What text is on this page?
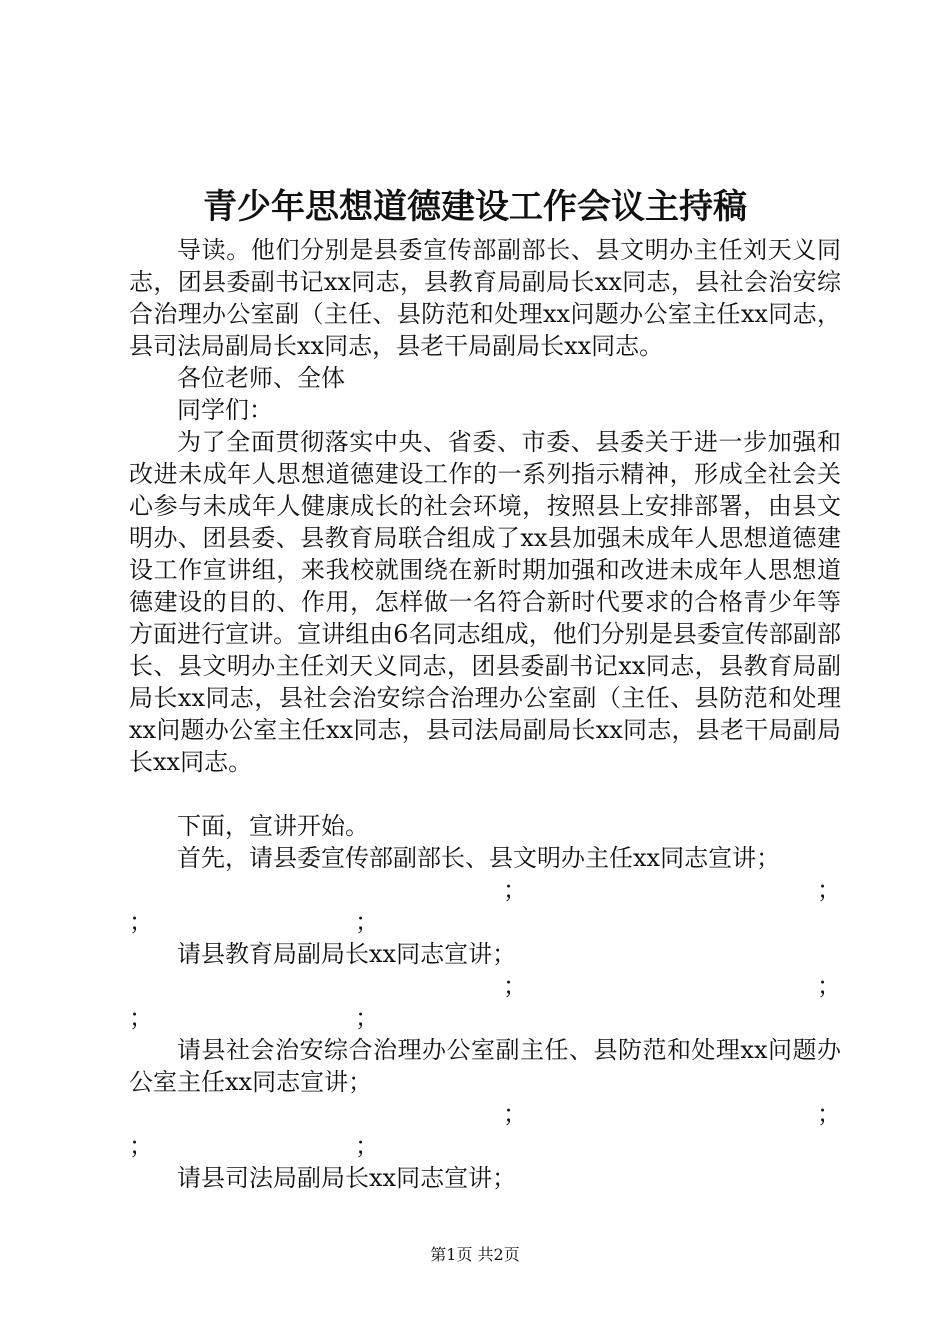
青少年思想道德建设工作会议主持稿

导读。他们分别是县委宣传部副部长、县文明办主任刘天义同志，团县委副书记xx同志，县教育局副局长xx同志，县社会治安综合治理办公室副（主任、县防范和处理xx问题办公室主任xx同志，县司法局副局长xx同志，县老干局副局长xx同志。

各位老师、全体

同学们：

为了全面贯彻落实中央、省委、市委、县委关于进一步加强和改进未成年人思想道德建设工作的一系列指示精神，形成全社会关心参与未成年人健康成长的社会环境，按照县上安排部署，由县文明办、团县委、县教育局联合组成了xx县加强未成年人思想道德建设工作宣讲组，来我校就围绕在新时期加强和改进未成年人思想道德建设的目的、作用，怎样做一名符合新时代要求的合格青少年等方面进行宣讲。宣讲组由6名同志组成，他们分别是县委宣传部副部长、县文明办主任刘天义同志，团县委副书记xx同志，县教育局副局长xx同志，县社会治安综合治理办公室副（主任、县防范和处理xx问题办公室主任xx同志，县司法局副局长xx同志，县老干局副局长xx同志。

下面，宣讲开始。

首先，请县委宣传部副部长、县文明办主任xx同志宣讲；

；	；
；	；

请县教育局副局长xx同志宣讲；

；	；
；	；

请县社会治安综合治理办公室副主任、县防范和处理xx问题办公室主任xx同志宣讲；

；	；
；	；

请县司法局副局长xx同志宣讲；

第1页 共2页
